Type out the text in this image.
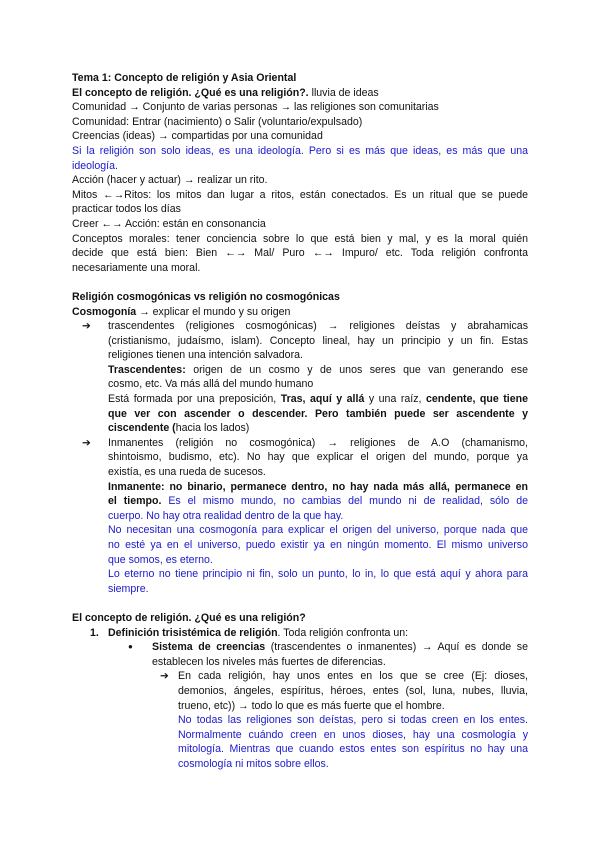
Tema 1: Concepto de religión y Asia Oriental
El concepto de religión. ¿Qué es una religión?. lluvia de ideas
Comunidad → Conjunto de varias personas → las religiones son comunitarias
Comunidad: Entrar (nacimiento) o Salir (voluntario/expulsado)
Creencias (ideas) → compartidas por una comunidad
Si la religión son solo ideas, es una ideología. Pero si es más que ideas, es más que una
ideología.
Acción (hacer y actuar) → realizar un rito.
Mitos ←→Ritos: los mitos dan lugar a ritos, están conectados. Es un ritual que se puede
practicar todos los días
Creer ←→ Acción: están en consonancia
Conceptos morales: tener conciencia sobre lo que está bien y mal, y es la moral quién
decide que está bien: Bien ←→ Mal/ Puro ←→ Impuro/ etc. Toda religión confronta
necesariamente una moral.
Religión cosmogónicas vs religión no cosmogónicas
Cosmogonía → explicar el mundo y su origen
➔ trascendentes (religiones cosmogónicas) → religiones deístas y abrahamicas
(cristianismo, judaísmo, islam). Concepto lineal, hay un principio y un fin. Estas
religiones tienen una intención salvadora.
Trascendentes: origen de un cosmo y de unos seres que van generando ese
cosmo, etc. Va más allá del mundo humano
Está formada por una preposición, Tras, aquí y allá y una raíz, cendente, que tiene
que ver con ascender o descender. Pero también puede ser ascendente y
ciscendente (hacia los lados)
➔ Inmanentes (religión no cosmogónica) → religiones de A.O (chamanismo,
shintoismo, budismo, etc). No hay que explicar el origen del mundo, porque ya
existía, es una rueda de sucesos.
Inmanente: no binario, permanece dentro, no hay nada más allá, permanece en
el tiempo. Es el mismo mundo, no cambias del mundo ni de realidad, sólo de
cuerpo. No hay otra realidad dentro de la que hay.
No necesitan una cosmogonía para explicar el origen del universo, porque nada que
no esté ya en el universo, puedo existir ya en ningún momento. El mismo universo
que somos, es eterno.
Lo eterno no tiene principio ni fin, solo un punto, lo in, lo que está aquí y ahora para
siempre.
El concepto de religión. ¿Qué es una religión?
1. Definición trisistémica de religión. Toda religión confronta un:
● Sistema de creencias (trascendentes o inmanentes) → Aquí es donde se
establecen los niveles más fuertes de diferencias.
➔ En cada religión, hay unos entes en los que se cree (Ej: dioses,
demonios, ángeles, espíritus, héroes, entes (sol, luna, nubes, lluvia,
trueno, etc)) → todo lo que es más fuerte que el hombre.
No todas las religiones son deístas, pero si todas creen en los entes.
Normalmente cuándo creen en unos dioses, hay una cosmología y
mitología. Mientras que cuando estos entes son espíritus no hay una
cosmología ni mitos sobre ellos.
